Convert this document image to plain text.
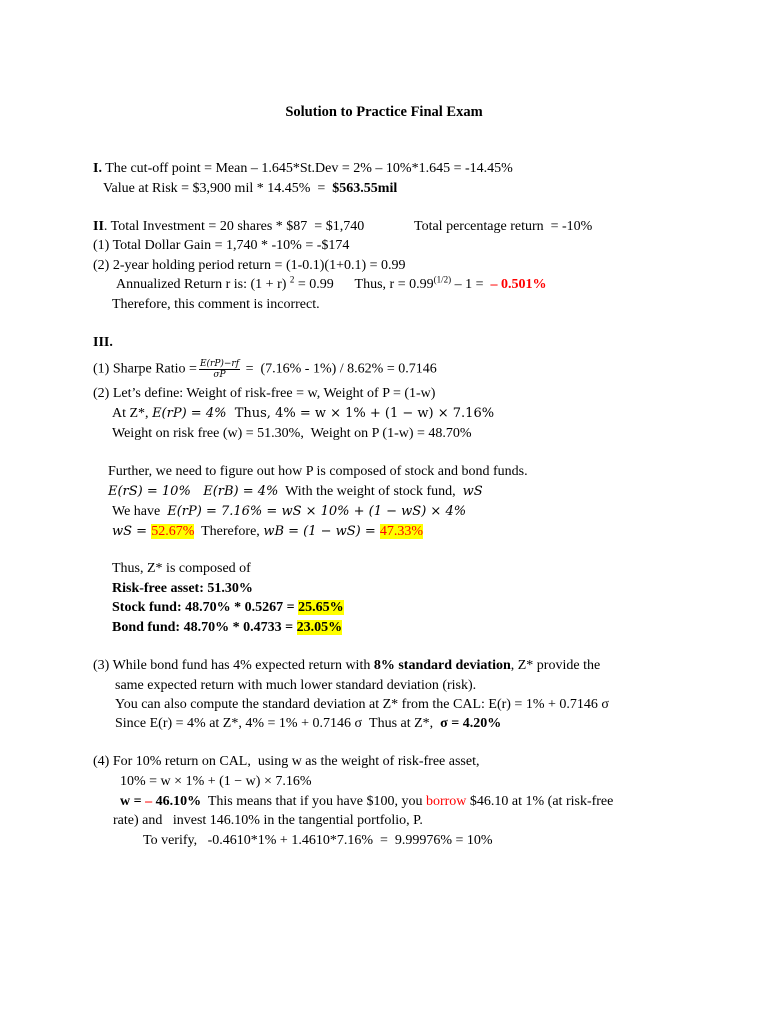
Solution to Practice Final Exam
I. The cut-off point = Mean – 1.645*St.Dev = 2% – 10%*1.645 = -14.45%
Value at Risk = $3,900 mil * 14.45%  =  $563.55mil
II. Total Investment = 20 shares * $87  = $1,740	Total percentage return  = -10%
(1) Total Dollar Gain = 1,740 * -10% = -$174
(2) 2-year holding period return = (1-0.1)(1+0.1) = 0.99
Annualized Return r is: (1 + r) $^2$ = 0.99      Thus, $r = 0.99^{(1/2)} - 1$ =  – 0.501%
Therefore, this comment is incorrect.
III.
(1) Sharpe Ratio = $\frac{E(rP)-rf}{\sigma P} = (7.16\% - 1\%) / 8.62\% = 0.7146$
(2) Let’s define: Weight of risk-free = w, Weight of P = (1-w)
At Z*, E(rP) = 4%  Thus, 4% = w × 1% + (1 − w) × 7.16%
Weight on risk free (w) = 51.30%,  Weight on P (1-w) = 48.70%
Further, we need to figure out how P is composed of stock and bond funds.
E(rS) = 10%   E(rB) = 4%  With the weight of stock fund,  wS
We have  E(rP) = 7.16% = wS × 10% + (1 − wS) × 4%
wS = 52.67%  Therefore, wB = (1 − wS) = 47.33%
Thus, Z* is composed of
Risk-free asset: 51.30%
Stock fund: 48.70% * 0.5267 = 25.65%
Bond fund: 48.70% * 0.4733 = 23.05%
(3) While bond fund has 4% expected return with 8% standard deviation, Z* provide the
same expected return with much lower standard deviation (risk).
You can also compute the standard deviation at Z* from the CAL: E(r) = 1% + 0.7146 σ
Since E(r) = 4% at Z*, 4% = 1% + 0.7146 σ  Thus at Z*,  σ = 4.20%
(4) For 10% return on CAL,  using w as the weight of risk-free asset,
10% = w × 1% + (1 − w) × 7.16%
w = – 46.10%  This means that if you have $100, you borrow $46.10 at 1% (at risk-free
rate) and   invest 146.10% in the tangential portfolio, P.
To verify,   -0.4610*1% + 1.4610*7.16%  =  9.99976% = 10%
